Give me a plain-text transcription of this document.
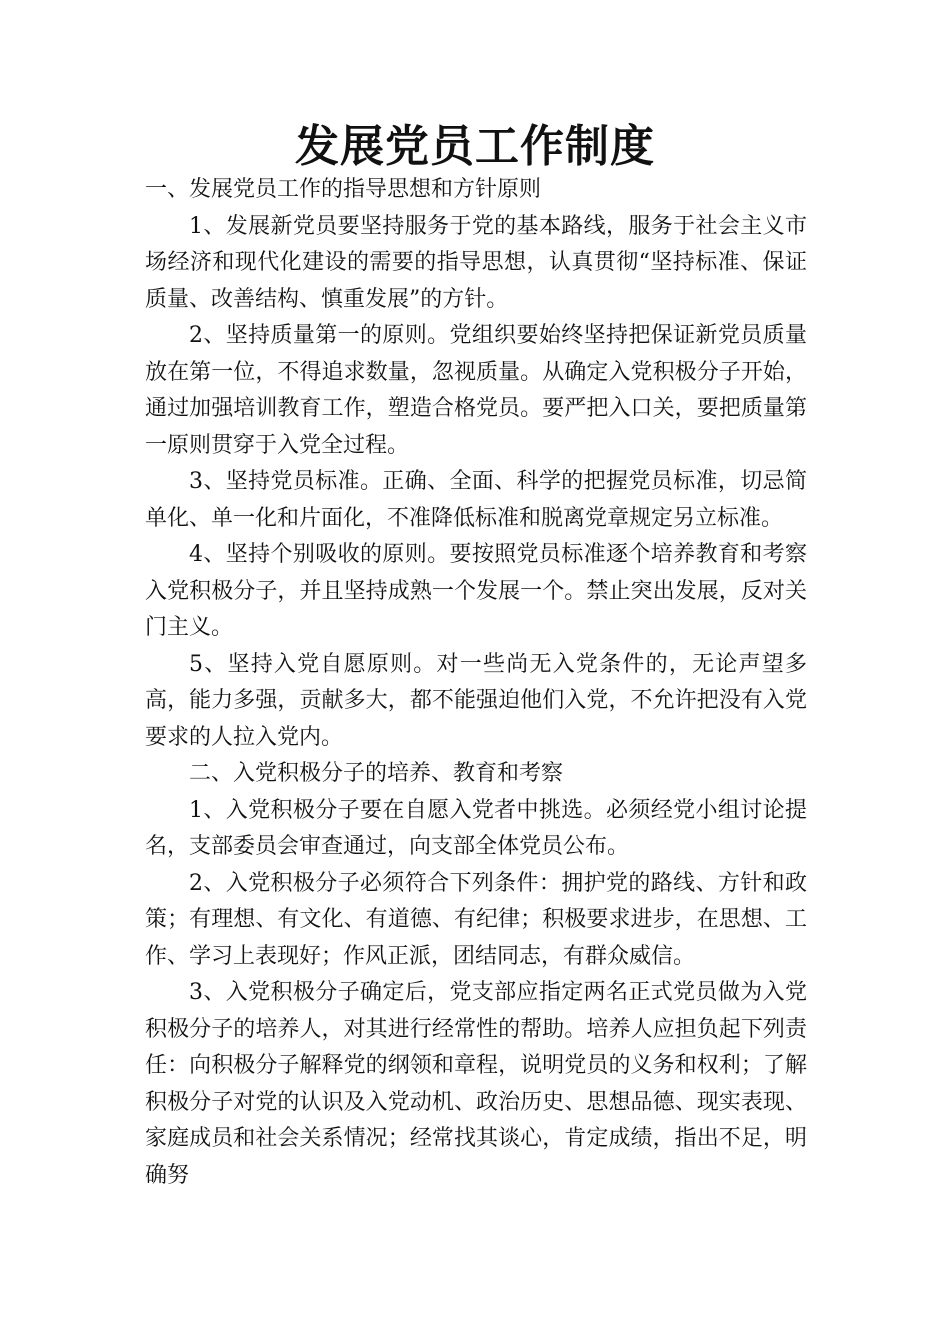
发展党员工作制度

一、发展党员工作的指导思想和方针原则

1、发展新党员要坚持服务于党的基本路线，服务于社会主义市场经济和现代化建设的需要的指导思想，认真贯彻“坚持标准、保证质量、改善结构、慎重发展”的方针。

2、坚持质量第一的原则。党组织要始终坚持把保证新党员质量放在第一位，不得追求数量，忽视质量。从确定入党积极分子开始，通过加强培训教育工作，塑造合格党员。要严把入口关，要把质量第一原则贯穿于入党全过程。

3、坚持党员标准。正确、全面、科学的把握党员标准，切忌简单化、单一化和片面化，不准降低标准和脱离党章规定另立标准。

4、坚持个别吸收的原则。要按照党员标准逐个培养教育和考察入党积极分子，并且坚持成熟一个发展一个。禁止突出发展，反对关门主义。

5、坚持入党自愿原则。对一些尚无入党条件的，无论声望多高，能力多强，贡献多大，都不能强迫他们入党，不允许把没有入党要求的人拉入党内。

二、入党积极分子的培养、教育和考察

1、入党积极分子要在自愿入党者中挑选。必须经党小组讨论提名，支部委员会审查通过，向支部全体党员公布。

2、入党积极分子必须符合下列条件：拥护党的路线、方针和政策；有理想、有文化、有道德、有纪律；积极要求进步，在思想、工作、学习上表现好；作风正派，团结同志，有群众威信。

3、入党积极分子确定后，党支部应指定两名正式党员做为入党积极分子的培养人，对其进行经常性的帮助。培养人应担负起下列责任：向积极分子解释党的纲领和章程，说明党员的义务和权利；了解积极分子对党的认识及入党动机、政治历史、思想品德、现实表现、家庭成员和社会关系情况；经常找其谈心，肯定成绩，指出不足，明确努
